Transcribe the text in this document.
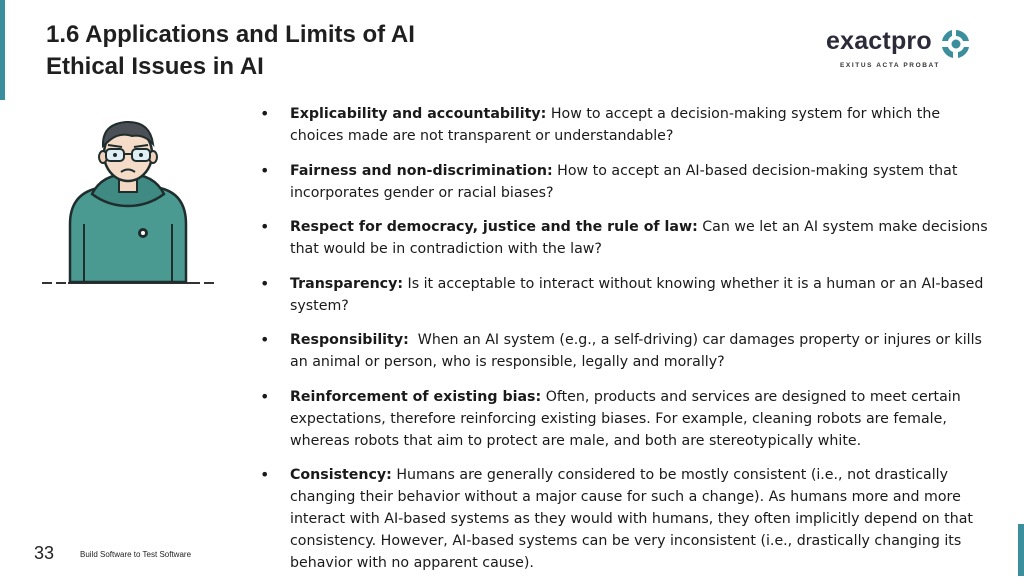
1.6 Applications and Limits of AI
Ethical Issues in AI
exactpro
EXITUS ACTA PROBAT
• Explicability and accountability: How to accept a decision-making system for which the choices made are not transparent or understandable?
• Fairness and non-discrimination: How to accept an AI-based decision-making system that incorporates gender or racial biases?
• Respect for democracy, justice and the rule of law: Can we let an AI system make decisions that would be in contradiction with the law?
• Transparency: Is it acceptable to interact without knowing whether it is a human or an AI-based system?
• Responsibility:  When an AI system (e.g., a self-driving) car damages property or injures or kills an animal or person, who is responsible, legally and morally?
• Reinforcement of existing bias: Often, products and services are designed to meet certain expectations, therefore reinforcing existing biases. For example, cleaning robots are female, whereas robots that aim to protect are male, and both are stereotypically white.
• Consistency: Humans are generally considered to be mostly consistent (i.e., not drastically changing their behavior without a major cause for such a change). As humans more and more interact with AI-based systems as they would with humans, they often implicitly depend on that consistency. However, AI-based systems can be very inconsistent (i.e., drastically changing its behavior with no apparent cause).
33	Build Software to Test Software
